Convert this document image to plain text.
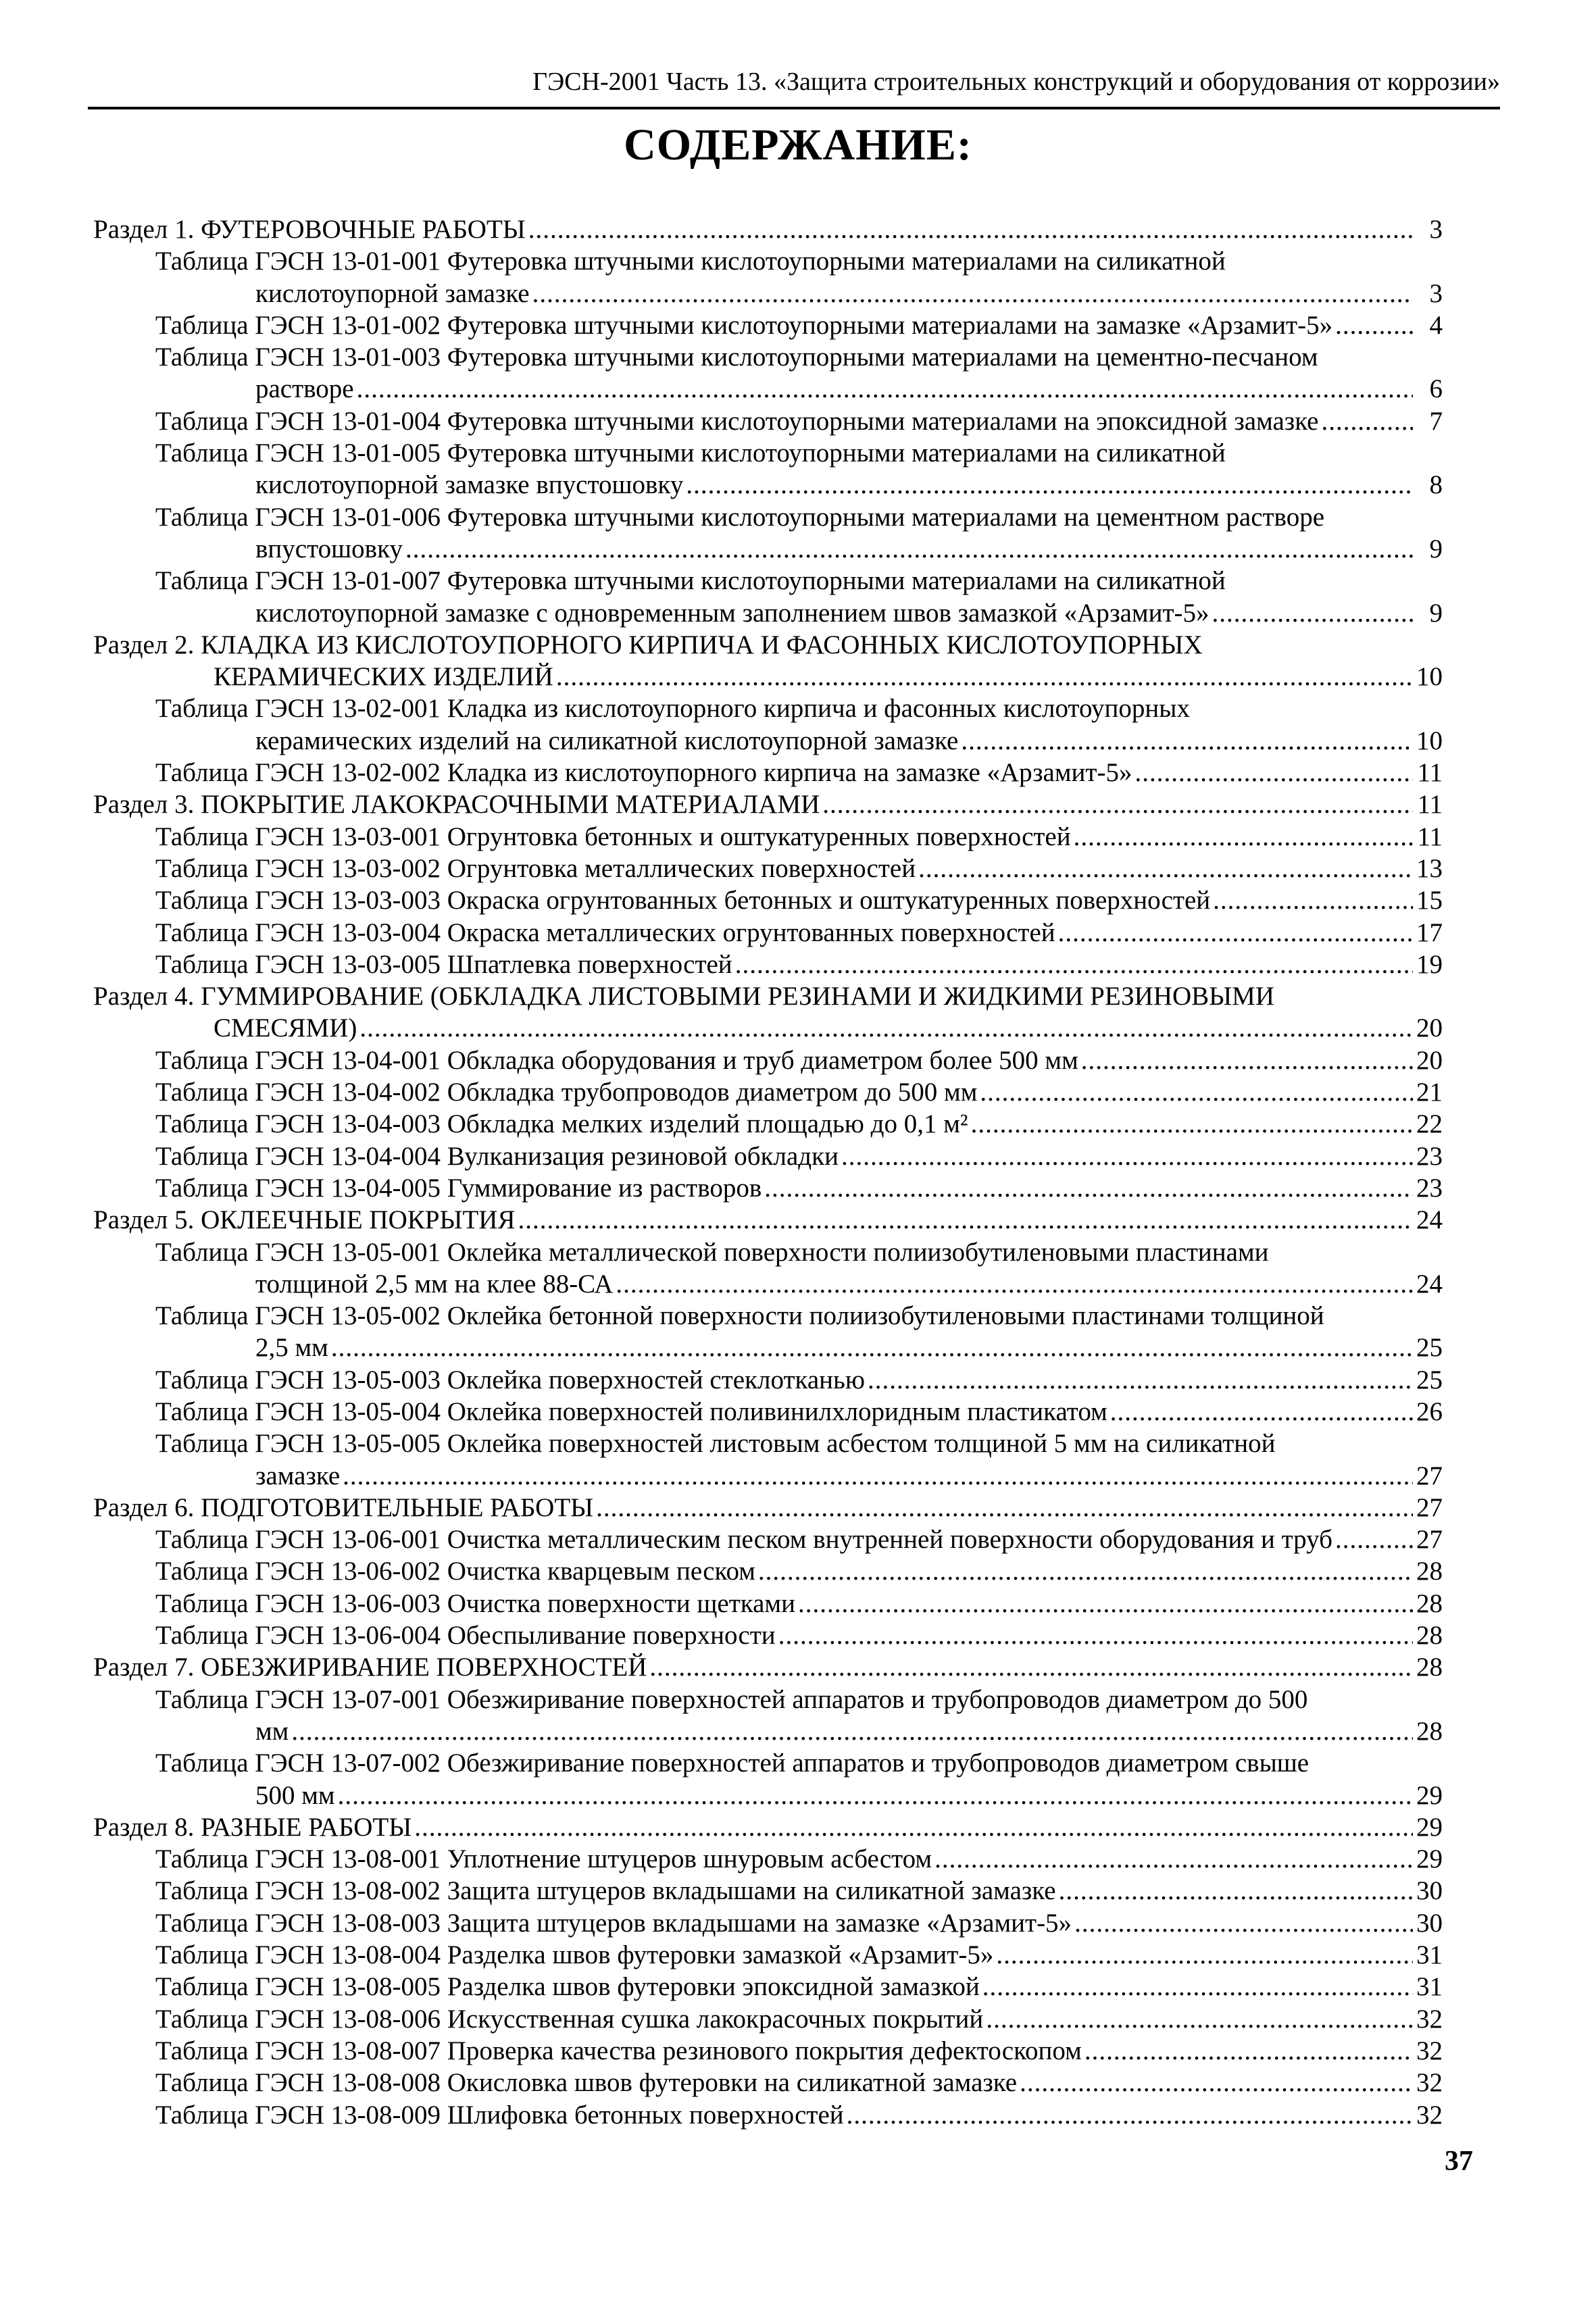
ГЭСН-2001 Часть 13. «Защита строительных конструкций и оборудования от коррозии»
СОДЕРЖАНИЕ:
Раздел 1. ФУТЕРОВОЧНЫЕ РАБОТЫ .....	3
Таблица ГЭСН 13-01-001 Футеровка штучными кислотоупорными материалами на силикатной
кислотоупорной замазке .....	3
Таблица ГЭСН 13-01-002 Футеровка штучными кислотоупорными материалами на замазке «Арзамит-5» .....	4
Таблица ГЭСН 13-01-003 Футеровка штучными кислотоупорными материалами на цементно-песчаном
растворе .....	6
Таблица ГЭСН 13-01-004 Футеровка штучными кислотоупорными материалами на эпоксидной замазке .....	7
Таблица ГЭСН 13-01-005 Футеровка штучными кислотоупорными материалами на силикатной
кислотоупорной замазке впустошовку .....	8
Таблица ГЭСН 13-01-006 Футеровка штучными кислотоупорными материалами на цементном растворе
впустошовку .....	9
Таблица ГЭСН 13-01-007 Футеровка штучными кислотоупорными материалами на силикатной
кислотоупорной замазке с одновременным заполнением швов замазкой «Арзамит-5» .....	9
Раздел 2. КЛАДКА ИЗ КИСЛОТОУПОРНОГО КИРПИЧА И ФАСОННЫХ КИСЛОТОУПОРНЫХ
КЕРАМИЧЕСКИХ ИЗДЕЛИЙ .....	10
Таблица ГЭСН 13-02-001 Кладка из кислотоупорного кирпича и фасонных кислотоупорных
керамических изделий на силикатной кислотоупорной замазке .....	10
Таблица ГЭСН 13-02-002 Кладка из кислотоупорного кирпича на замазке «Арзамит-5» .....	11
Раздел 3. ПОКРЫТИЕ ЛАКОКРАСОЧНЫМИ МАТЕРИАЛАМИ .....	11
Таблица ГЭСН 13-03-001 Огрунтовка бетонных и оштукатуренных поверхностей .....	11
Таблица ГЭСН 13-03-002 Огрунтовка металлических поверхностей .....	13
Таблица ГЭСН 13-03-003 Окраска огрунтованных бетонных и оштукатуренных поверхностей .....	15
Таблица ГЭСН 13-03-004 Окраска металлических огрунтованных поверхностей .....	17
Таблица ГЭСН 13-03-005 Шпатлевка поверхностей .....	19
Раздел 4. ГУММИРОВАНИЕ (ОБКЛАДКА ЛИСТОВЫМИ РЕЗИНАМИ И ЖИДКИМИ РЕЗИНОВЫМИ
СМЕСЯМИ) .....	20
Таблица ГЭСН 13-04-001 Обкладка оборудования и труб диаметром более 500 мм .....	20
Таблица ГЭСН 13-04-002 Обкладка трубопроводов диаметром до 500 мм .....	21
Таблица ГЭСН 13-04-003 Обкладка мелких изделий площадью до 0,1 м² .....	22
Таблица ГЭСН 13-04-004 Вулканизация резиновой обкладки .....	23
Таблица ГЭСН 13-04-005 Гуммирование из растворов .....	23
Раздел 5. ОКЛЕЕЧНЫЕ ПОКРЫТИЯ .....	24
Таблица ГЭСН 13-05-001 Оклейка металлической поверхности полиизобутиленовыми пластинами
толщиной 2,5 мм на клее 88-СА .....	24
Таблица ГЭСН 13-05-002 Оклейка бетонной поверхности полиизобутиленовыми пластинами толщиной
2,5 мм .....	25
Таблица ГЭСН 13-05-003 Оклейка поверхностей стеклотканью .....	25
Таблица ГЭСН 13-05-004 Оклейка поверхностей поливинилхлоридным пластикатом .....	26
Таблица ГЭСН 13-05-005 Оклейка поверхностей листовым асбестом толщиной 5 мм на силикатной
замазке .....	27
Раздел 6. ПОДГОТОВИТЕЛЬНЫЕ РАБОТЫ .....	27
Таблица ГЭСН 13-06-001 Очистка металлическим песком внутренней поверхности оборудования и труб .....	27
Таблица ГЭСН 13-06-002 Очистка кварцевым песком .....	28
Таблица ГЭСН 13-06-003 Очистка поверхности щетками .....	28
Таблица ГЭСН 13-06-004 Обеспыливание поверхности .....	28
Раздел 7. ОБЕЗЖИРИВАНИЕ ПОВЕРХНОСТЕЙ .....	28
Таблица ГЭСН 13-07-001 Обезжиривание поверхностей аппаратов и трубопроводов диаметром до 500
мм .....	28
Таблица ГЭСН 13-07-002 Обезжиривание поверхностей аппаратов и трубопроводов диаметром свыше
500 мм .....	29
Раздел 8. РАЗНЫЕ РАБОТЫ .....	29
Таблица ГЭСН 13-08-001 Уплотнение штуцеров шнуровым асбестом .....	29
Таблица ГЭСН 13-08-002 Защита штуцеров вкладышами на силикатной замазке .....	30
Таблица ГЭСН 13-08-003 Защита штуцеров вкладышами на замазке «Арзамит-5» .....	30
Таблица ГЭСН 13-08-004 Разделка швов футеровки замазкой «Арзамит-5» .....	31
Таблица ГЭСН 13-08-005 Разделка швов футеровки эпоксидной замазкой .....	31
Таблица ГЭСН 13-08-006 Искусственная сушка лакокрасочных покрытий .....	32
Таблица ГЭСН 13-08-007 Проверка качества резинового покрытия дефектоскопом .....	32
Таблица ГЭСН 13-08-008 Окисловка швов футеровки на силикатной замазке .....	32
Таблица ГЭСН 13-08-009 Шлифовка бетонных поверхностей .....	32
37
